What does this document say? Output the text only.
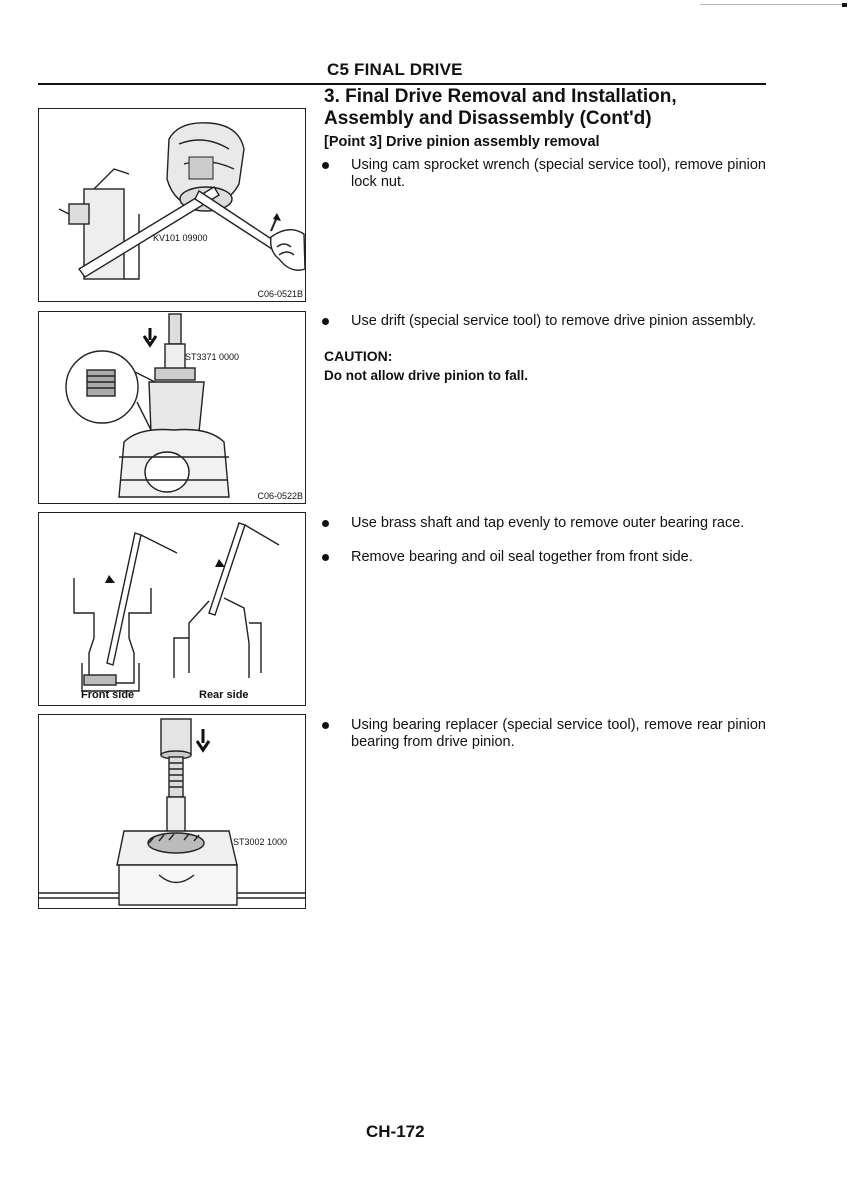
C5 FINAL DRIVE
3. Final Drive Removal and Installation,
Assembly and Disassembly (Cont'd)
[Point 3] Drive pinion assembly removal
Using cam sprocket wrench (special service tool), remove pinion lock nut.
Use drift (special service tool) to remove drive pinion assembly.
CAUTION:
Do not allow drive pinion to fall.
Use brass shaft and tap evenly to remove outer bearing race.
Remove bearing and oil seal together from front side.
Using bearing replacer (special service tool), remove rear pinion bearing from drive pinion.
KV101 09900
C06-0521B
ST3371 0000
C06-0522B
Front side	Rear side
ST3002 1000
CH-172
